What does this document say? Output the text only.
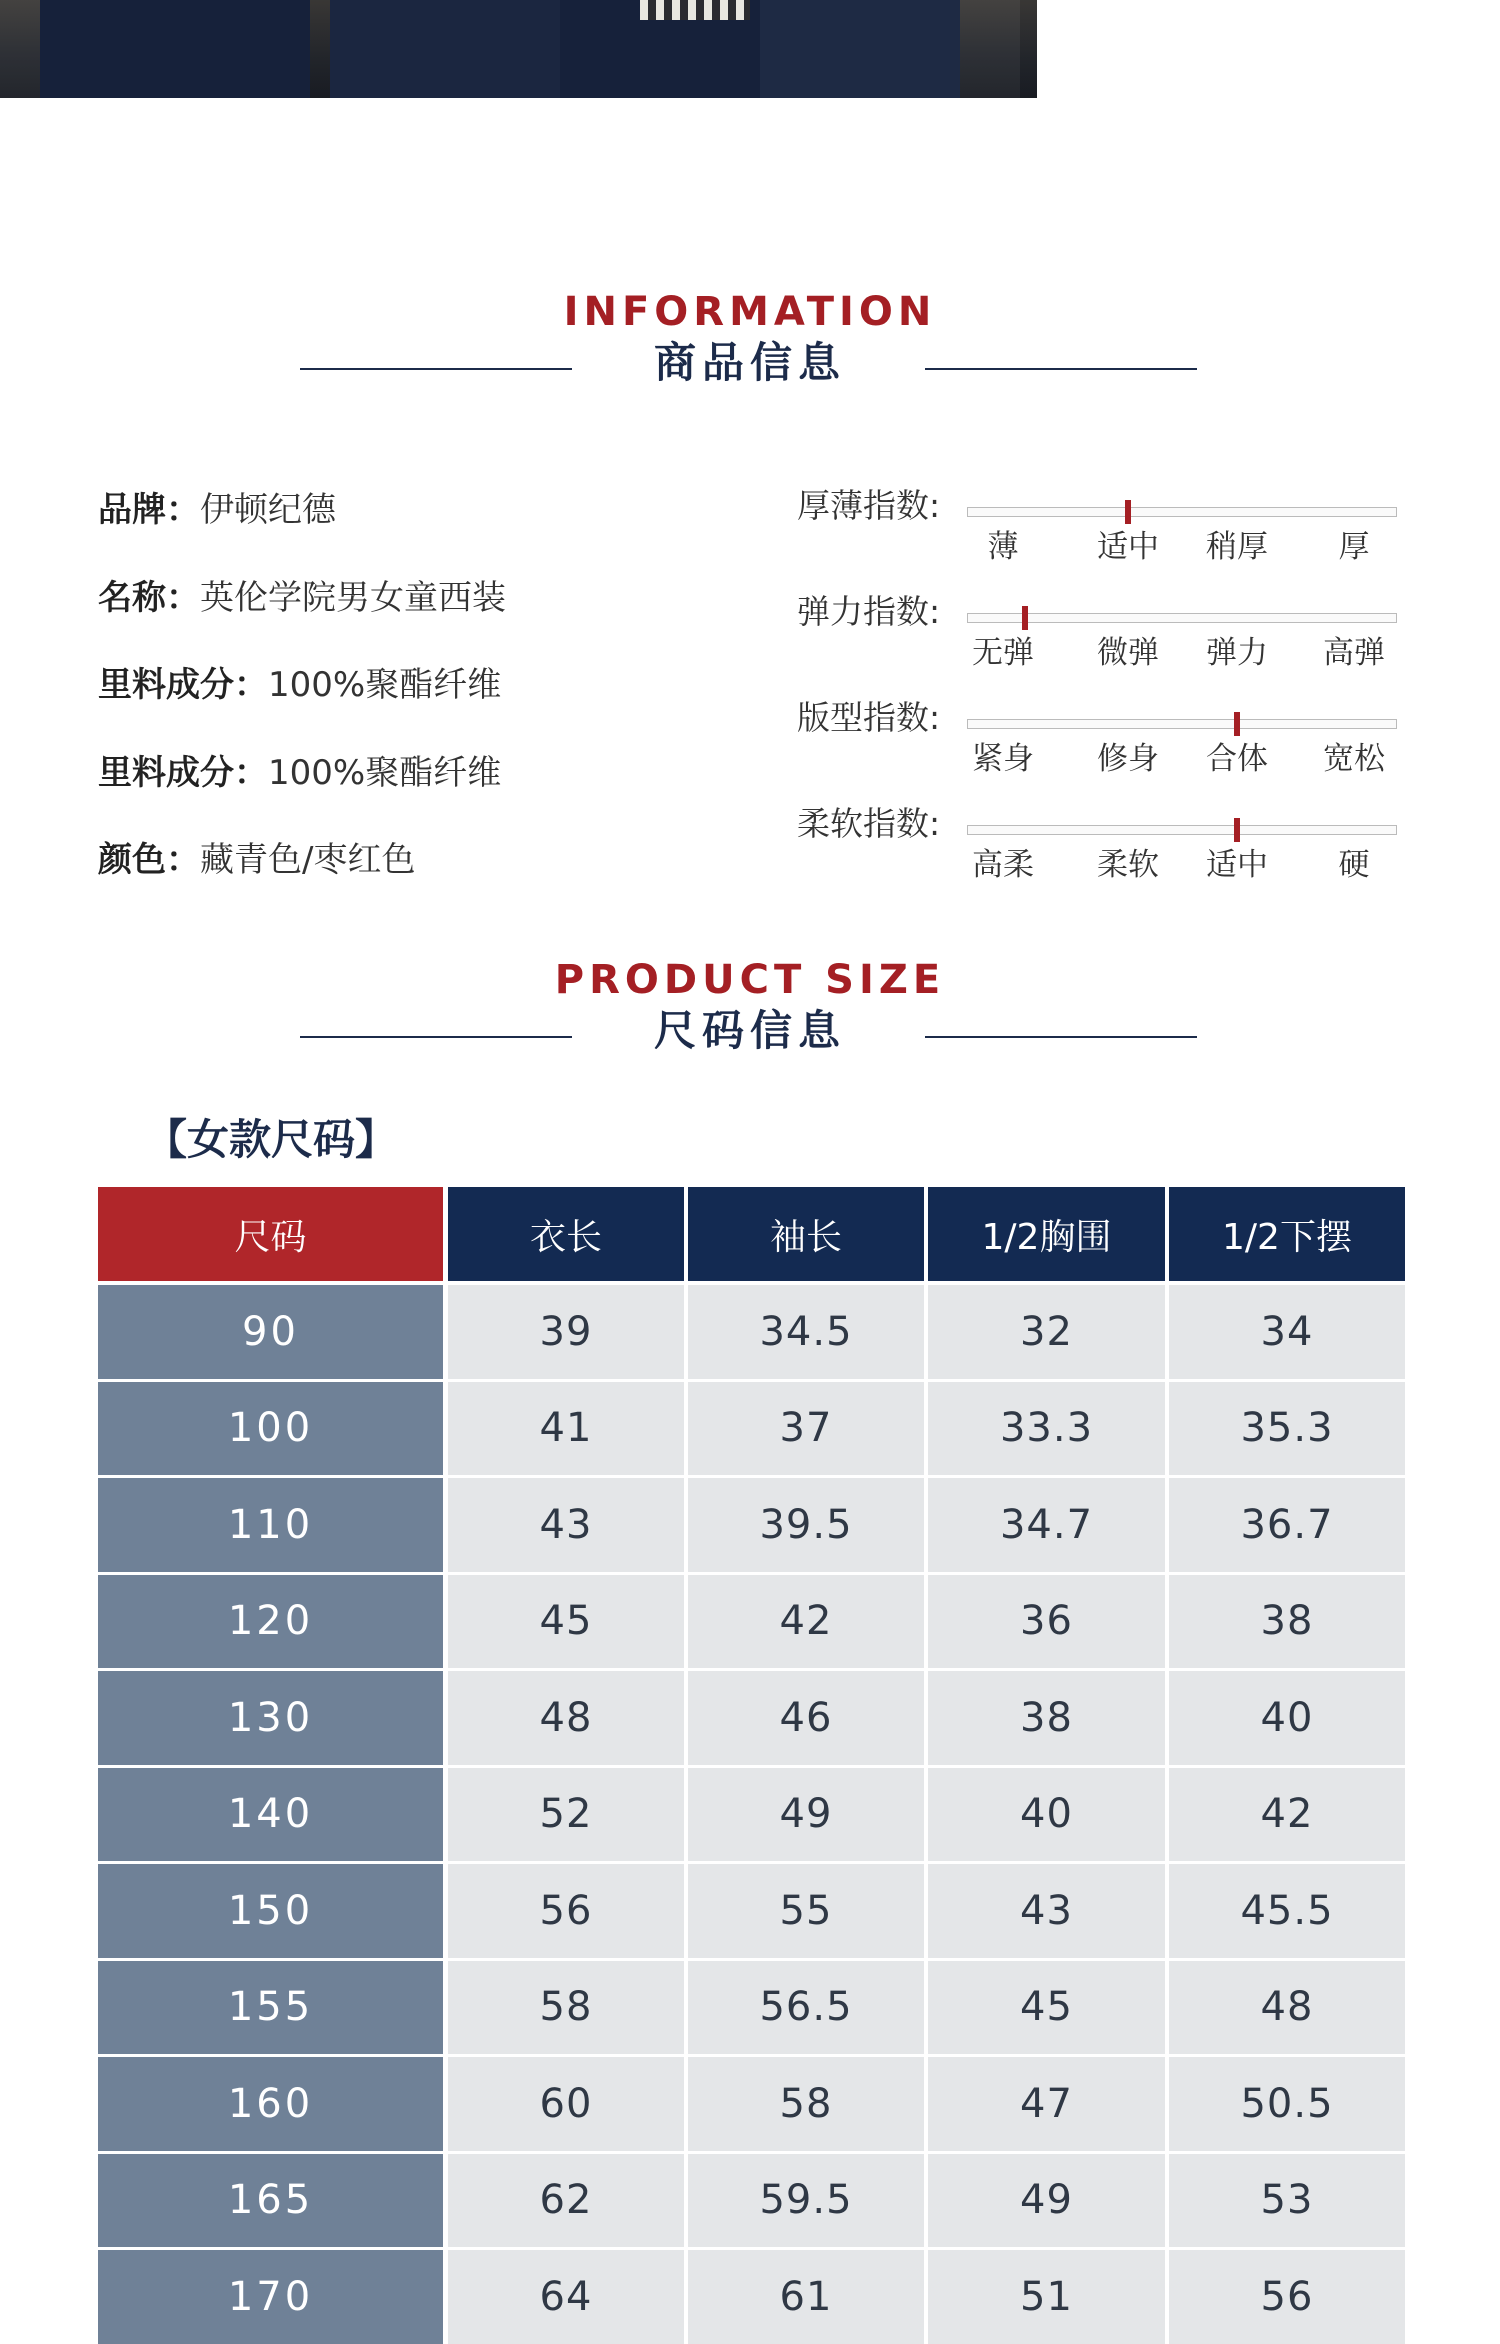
INFORMATION
商品信息
品牌：伊顿纪德
名称：英伦学院男女童西装
里料成分：100%聚酯纤维
里料成分：100%聚酯纤维
颜色：藏青色/枣红色
厚薄指数:
薄	适中	稍厚	厚
弹力指数:
无弹	微弹	弹力	高弹
版型指数:
紧身	修身	合体	宽松
柔软指数:
高柔	柔软	适中	硬
PRODUCT SIZE
尺码信息
【女款尺码】
尺码	衣长	袖长	1/2胸围	1/2下摆
90	39	34.5	32	34
100	41	37	33.3	35.3
110	43	39.5	34.7	36.7
120	45	42	36	38
130	48	46	38	40
140	52	49	40	42
150	56	55	43	45.5
155	58	56.5	45	48
160	60	58	47	50.5
165	62	59.5	49	53
170	64	61	51	56
